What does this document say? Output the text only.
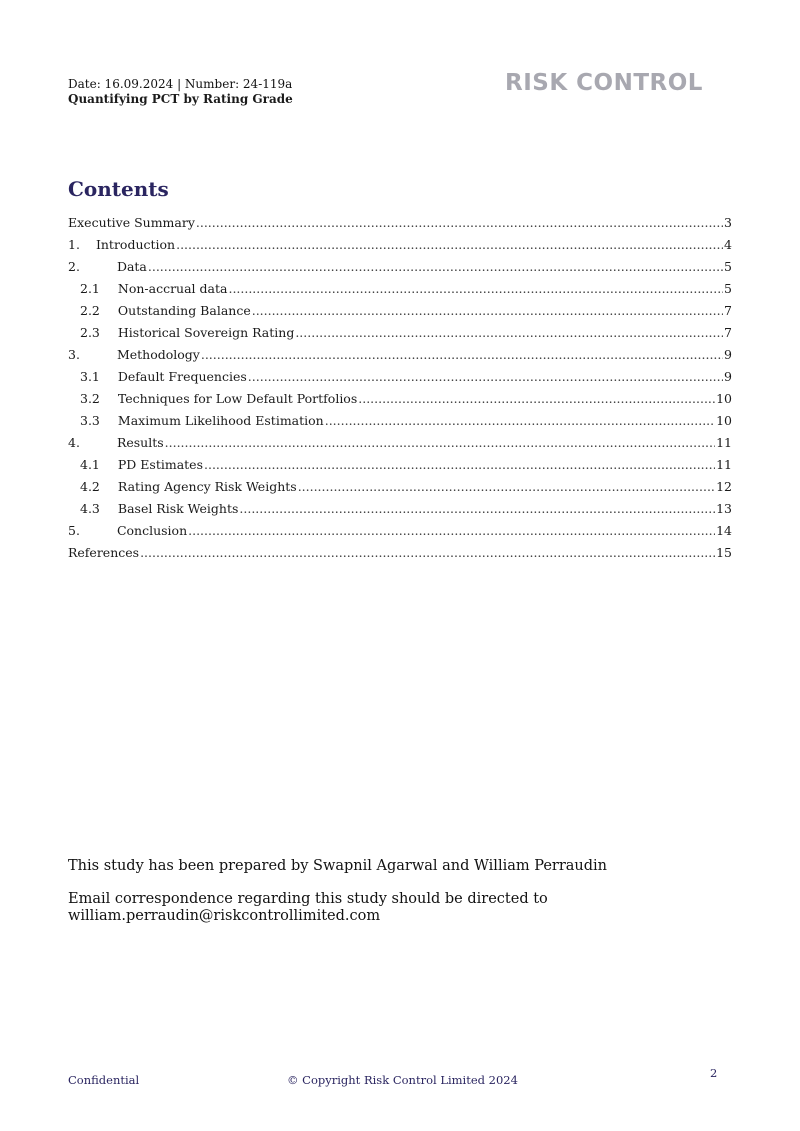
Date: 16.09.2024 | Number: 24-119a
Quantifying PCT by Rating Grade
RISK CONTROL
Contents
Executive Summary .....	3
1. Introduction .....	4
2.	Data .....	5
2.1 Non-accrual data .....	5
2.2 Outstanding Balance .....	7
2.3 Historical Sovereign Rating .....	7
3.	Methodology .....	9
3.1 Default Frequencies .....	9
3.2 Techniques for Low Default Portfolios .....	10
3.3 Maximum Likelihood Estimation .....	10
4.	Results .....	11
4.1 PD Estimates .....	11
4.2 Rating Agency Risk Weights .....	12
4.3 Basel Risk Weights .....	13
5.	Conclusion .....	14
References .....	15

This study has been prepared by Swapnil Agarwal and William Perraudin

Email correspondence regarding this study should be directed to
william.perraudin@riskcontrollimited.com

Confidential	© Copyright Risk Control Limited 2024	2
